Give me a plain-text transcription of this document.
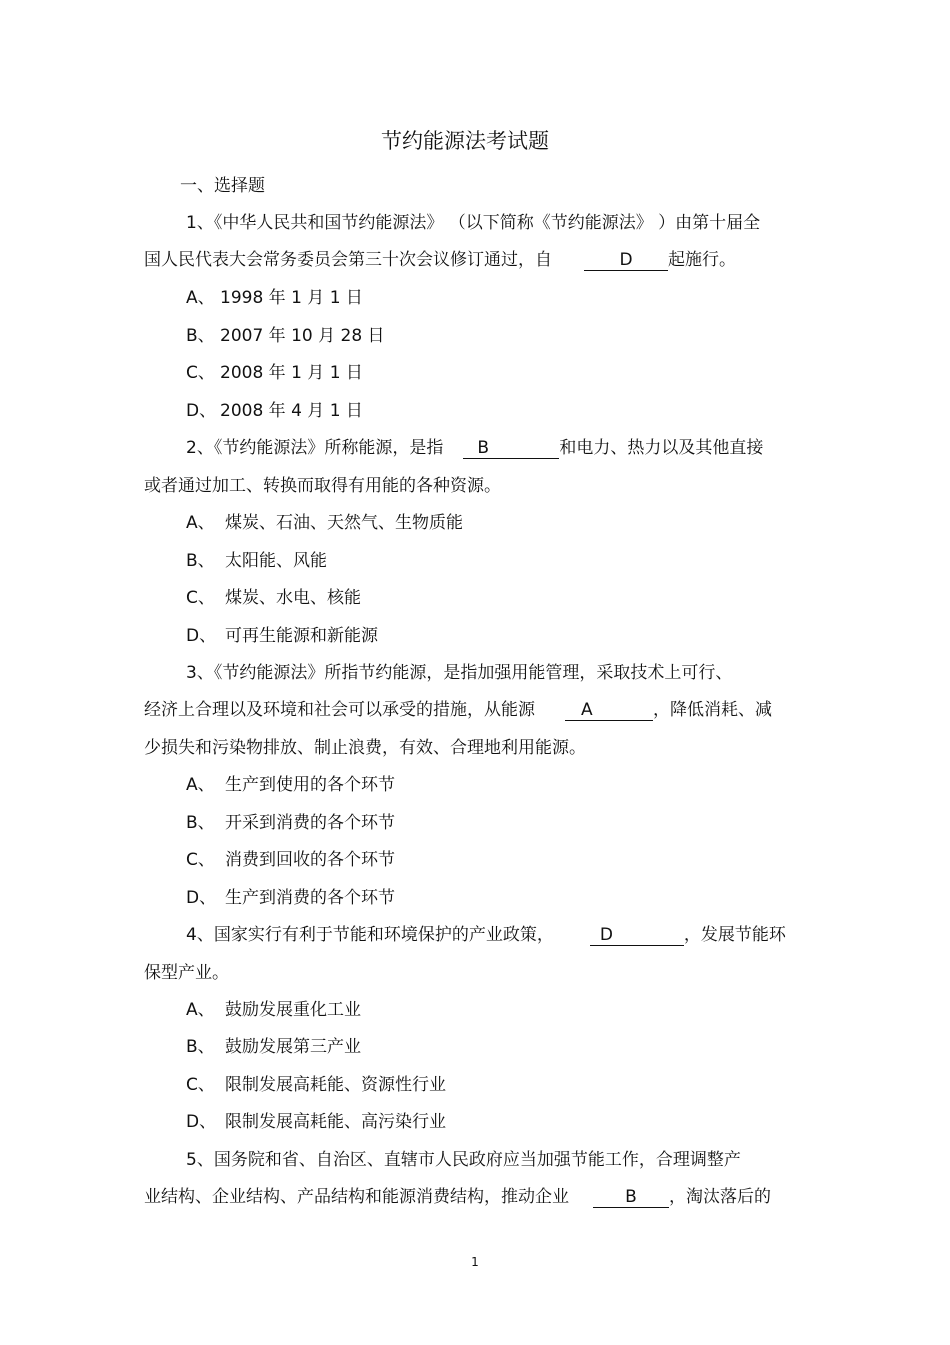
节约能源法考试题
一、选择题
1、《中华人民共和国节约能源法》 （以下简称《节约能源法》 ）由第十届全
国人民代表大会常务委员会第三十次会议修订通过，自	D 起施行。
A、 1998 年 1 月 1 日
B、 2007 年 10 月 28 日
C、 2008 年 1 月 1 日
D、 2008 年 4 月 1 日
2、《节约能源法》所称能源，是指 B	和电力、热力以及其他直接
或者通过加工、转换而取得有用能的各种资源。
A、 煤炭、石油、天然气、生物质能
B、 太阳能、风能
C、 煤炭、水电、核能
D、 可再生能源和新能源
3、《节约能源法》所指节约能源，是指加强用能管理，采取技术上可行、
经济上合理以及环境和社会可以承受的措施，从能源	A	，降低消耗、减
少损失和污染物排放、制止浪费，有效、合理地利用能源。
A、 生产到使用的各个环节
B、 开采到消费的各个环节
C、 消费到回收的各个环节
D、 生产到消费的各个环节
4、国家实行有利于节能和环境保护的产业政策，	D	，发展节能环
保型产业。
A、 鼓励发展重化工业
B、 鼓励发展第三产业
C、 限制发展高耗能、资源性行业
D、 限制发展高耗能、高污染行业
5、国务院和省、自治区、直辖市人民政府应当加强节能工作，合理调整产
业结构、企业结构、产品结构和能源消费结构，推动企业	B ，淘汰落后的
1
